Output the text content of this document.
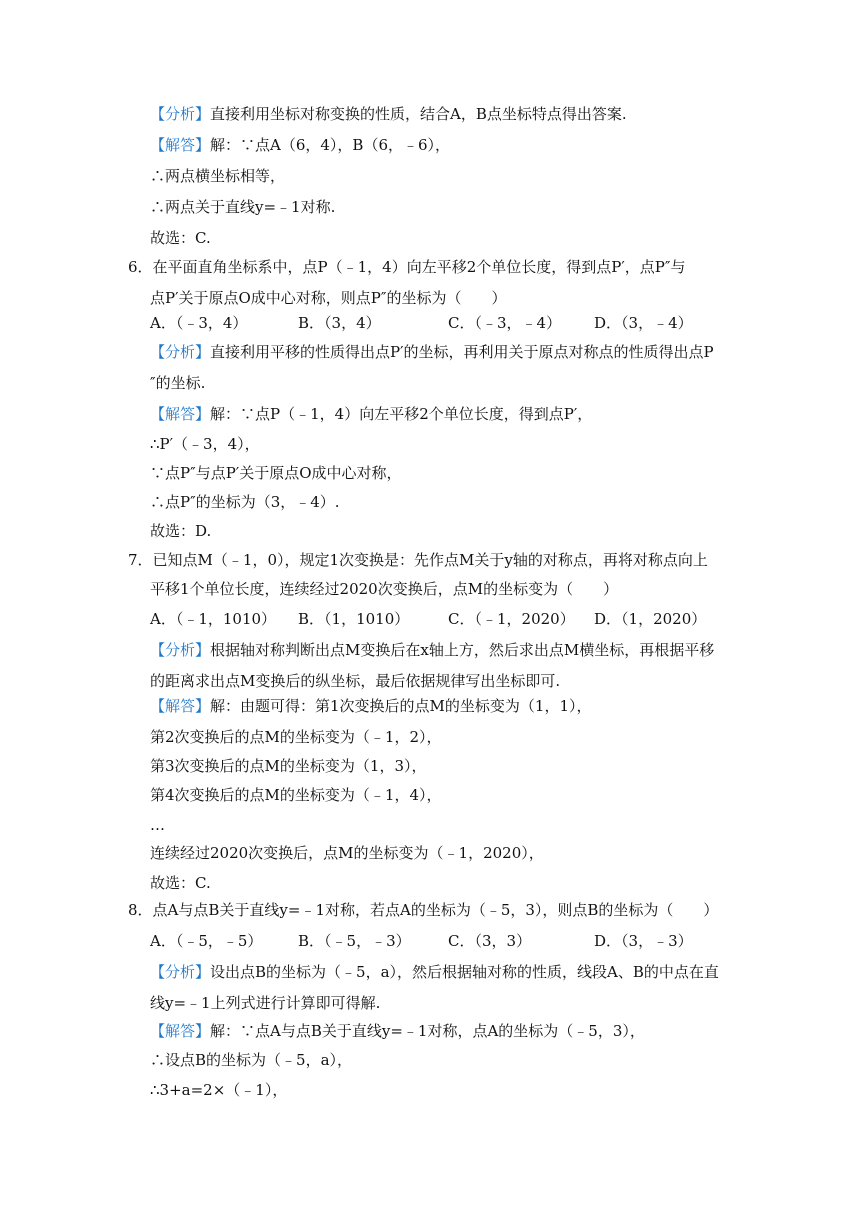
【分析】直接利用坐标对称变换的性质，结合A，B点坐标特点得出答案.
【解答】解：∵点A（6，4），B（6，﹣6），
∴两点横坐标相等，
∴两点关于直线y=﹣1对称.
故选：C.
6．在平面直角坐标系中，点P（﹣1，4）向左平移2个单位长度，得到点P′，点P″与
点P′关于原点O成中心对称，则点P″的坐标为（　　）
A．（﹣3，4）	B．（3，4）	C．（﹣3，﹣4） D．（3，﹣4）
【分析】直接利用平移的性质得出点P′的坐标，再利用关于原点对称点的性质得出点P
″的坐标.
【解答】解：∵点P（﹣1，4）向左平移2个单位长度，得到点P′，
∴P′（﹣3，4），
∵点P″与点P′关于原点O成中心对称，
∴点P″的坐标为（3，﹣4）.
故选：D.
7．已知点M（﹣1，0），规定1次变换是：先作点M关于y轴的对称点，再将对称点向上
平移1个单位长度，连续经过2020次变换后，点M的坐标变为（　　）
A．（﹣1，1010） B．（1，1010）	C．（﹣1，2020） D．（1，2020）
【分析】根据轴对称判断出点M变换后在x轴上方，然后求出点M横坐标，再根据平移
的距离求出点M变换后的纵坐标，最后依据规律写出坐标即可.
【解答】解：由题可得：第1次变换后的点M的坐标变为（1，1），
第2次变换后的点M的坐标变为（﹣1，2），
第3次变换后的点M的坐标变为（1，3），
第4次变换后的点M的坐标变为（﹣1，4），
…
连续经过2020次变换后，点M的坐标变为（﹣1，2020），
故选：C.
8．点A与点B关于直线y=﹣1对称，若点A的坐标为（﹣5，3），则点B的坐标为（　　）
A．（﹣5，﹣5） B．（﹣5，﹣3） C．（3，3）	D．（3，﹣3）
【分析】设出点B的坐标为（﹣5，a），然后根据轴对称的性质，线段A、B的中点在直
线y=﹣1上列式进行计算即可得解.
【解答】解：∵点A与点B关于直线y=﹣1对称，点A的坐标为（﹣5，3），
∴设点B的坐标为（﹣5，a），
∴3+a=2×（﹣1），
